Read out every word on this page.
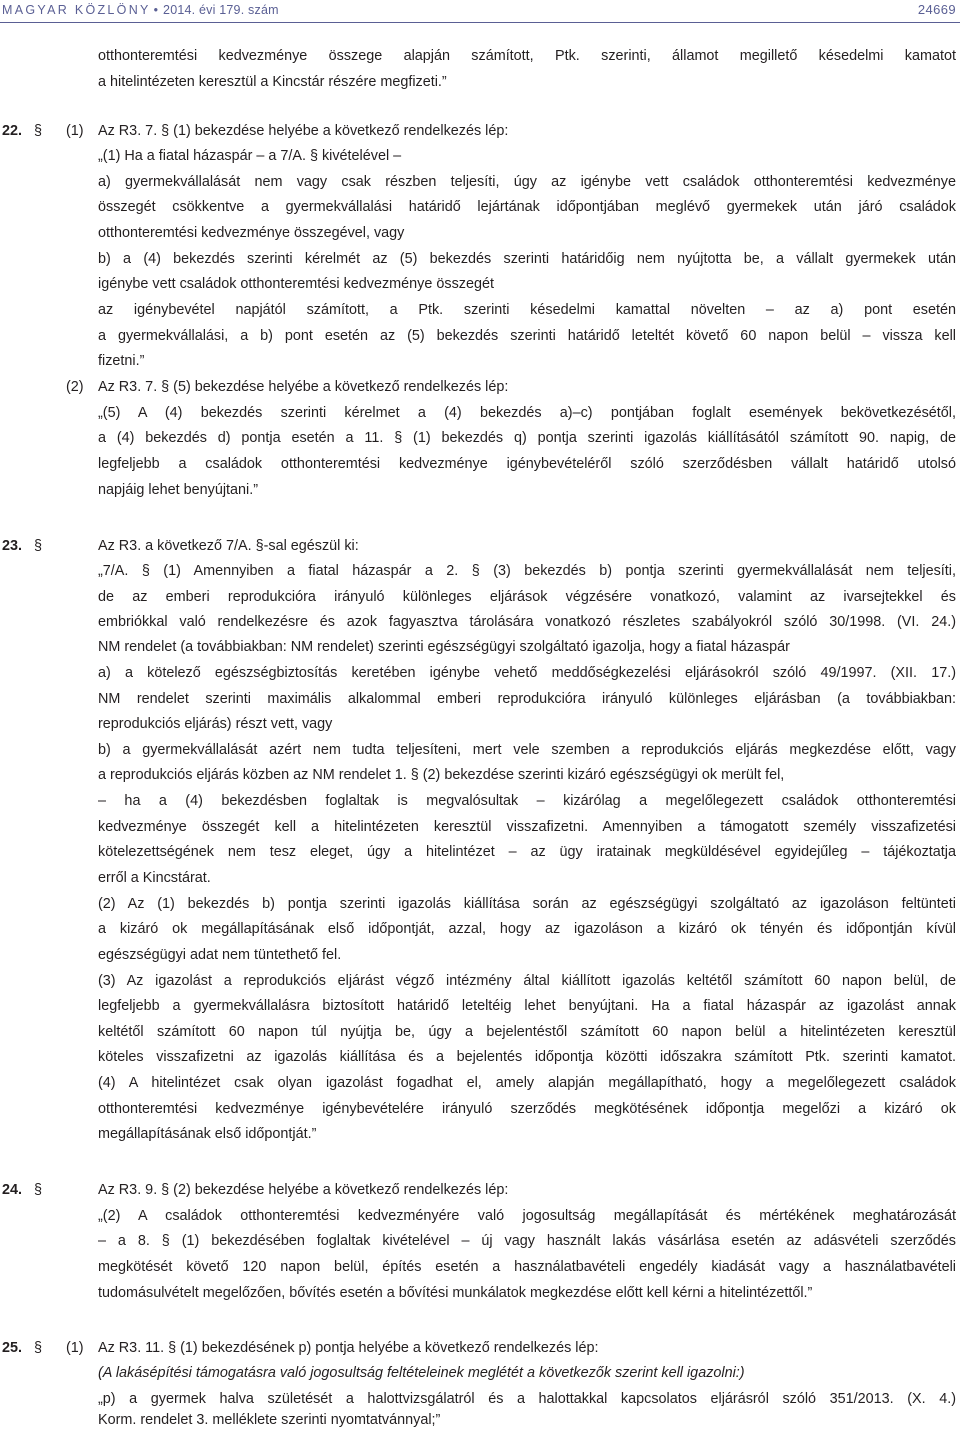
MAGYAR KÖZLÖNY • 2014. évi 179. szám	24669
otthonteremtési kedvezménye összege alapján számított, Ptk. szerinti, államot megillető késedelmi kamatot
a hitelintézeten keresztül a Kincstár részére megfizeti.”
22. § (1) Az R3. 7. § (1) bekezdése helyébe a következő rendelkezés lép:
„(1) Ha a fiatal házaspár – a 7/A. § kivételével –
a) gyermekvállalását nem vagy csak részben teljesíti, úgy az igénybe vett családok otthonteremtési kedvezménye
összegét csökkentve a gyermekvállalási határidő lejártának időpontjában meglévő gyermekek után járó családok
otthonteremtési kedvezménye összegével, vagy
b) a (4) bekezdés szerinti kérelmét az (5) bekezdés szerinti határidőig nem nyújtotta be, a vállalt gyermekek után
igénybe vett családok otthonteremtési kedvezménye összegét
az igénybevétel napjától számított, a Ptk. szerinti késedelmi kamattal növelten – az a) pont esetén
a gyermekvállalási, a b) pont esetén az (5) bekezdés szerinti határidő leteltét követő 60 napon belül – vissza kell
fizetni.”
(2) Az R3. 7. § (5) bekezdése helyébe a következő rendelkezés lép:
„(5) A (4) bekezdés szerinti kérelmet a (4) bekezdés a)–c) pontjában foglalt események bekövetkezésétől,
a (4) bekezdés d) pontja esetén a 11. § (1) bekezdés q) pontja szerinti igazolás kiállításától számított 90. napig, de
legfeljebb a családok otthonteremtési kedvezménye igénybevételéről szóló szerződésben vállalt határidő utolsó
napjáig lehet benyújtani.”
23. §	Az R3. a következő 7/A. §-sal egészül ki:
„7/A. § (1) Amennyiben a fiatal házaspár a 2. § (3) bekezdés b) pontja szerinti gyermekvállalását nem teljesíti,
de az emberi reprodukcióra irányuló különleges eljárások végzésére vonatkozó, valamint az ivarsejtekkel és
embriókkal való rendelkezésre és azok fagyasztva tárolására vonatkozó részletes szabályokról szóló 30/1998. (VI. 24.)
NM rendelet (a továbbiakban: NM rendelet) szerinti egészségügyi szolgáltató igazolja, hogy a fiatal házaspár
a) a kötelező egészségbiztosítás keretében igénybe vehető meddőségkezelési eljárásokról szóló 49/1997. (XII. 17.)
NM rendelet szerinti maximális alkalommal emberi reprodukcióra irányuló különleges eljárásban (a továbbiakban:
reprodukciós eljárás) részt vett, vagy
b) a gyermekvállalását azért nem tudta teljesíteni, mert vele szemben a reprodukciós eljárás megkezdése előtt, vagy
a reprodukciós eljárás közben az NM rendelet 1. § (2) bekezdése szerinti kizáró egészségügyi ok merült fel,
– ha a (4) bekezdésben foglaltak is megvalósultak – kizárólag a megelőlegezett családok otthonteremtési
kedvezménye összegét kell a hitelintézeten keresztül visszafizetni. Amennyiben a támogatott személy visszafizetési
kötelezettségének nem tesz eleget, úgy a hitelintézet – az ügy iratainak megküldésével egyidejűleg – tájékoztatja
erről a Kincstárat.
(2) Az (1) bekezdés b) pontja szerinti igazolás kiállítása során az egészségügyi szolgáltató az igazoláson feltünteti
a kizáró ok megállapításának első időpontját, azzal, hogy az igazoláson a kizáró ok tényén és időpontján kívül
egészségügyi adat nem tüntethető fel.
(3) Az igazolást a reprodukciós eljárást végző intézmény által kiállított igazolás keltétől számított 60 napon belül, de
legfeljebb a gyermekvállalásra biztosított határidő leteltéig lehet benyújtani. Ha a fiatal házaspár az igazolást annak
keltétől számított 60 napon túl nyújtja be, úgy a bejelentéstől számított 60 napon belül a hitelintézeten keresztül
köteles visszafizetni az igazolás kiállítása és a bejelentés időpontja közötti időszakra számított Ptk. szerinti kamatot.
(4) A hitelintézet csak olyan igazolást fogadhat el, amely alapján megállapítható, hogy a megelőlegezett családok
otthonteremtési kedvezménye igénybevételére irányuló szerződés megkötésének időpontja megelőzi a kizáró ok
megállapításának első időpontját.”
24. §	Az R3. 9. § (2) bekezdése helyébe a következő rendelkezés lép:
„(2) A családok otthonteremtési kedvezményére való jogosultság megállapítását és mértékének meghatározását
– a 8. § (1) bekezdésében foglaltak kivételével – új vagy használt lakás vásárlása esetén az adásvételi szerződés
megkötését követő 120 napon belül, építés esetén a használatbavételi engedély kiadását vagy a használatbavételi
tudomásulvételt megelőzően, bővítés esetén a bővítési munkálatok megkezdése előtt kell kérni a hitelintézettől.”
25. § (1) Az R3. 11. § (1) bekezdésének p) pontja helyébe a következő rendelkezés lép:
(A lakásépítési támogatásra való jogosultság feltételeinek meglétét a következők szerint kell igazolni:)
„p) a gyermek halva születését a halottvizsgálatról és a halottakkal kapcsolatos eljárásról szóló 351/2013. (X. 4.)
Korm. rendelet 3. melléklete szerinti nyomtatvánnyal;”
